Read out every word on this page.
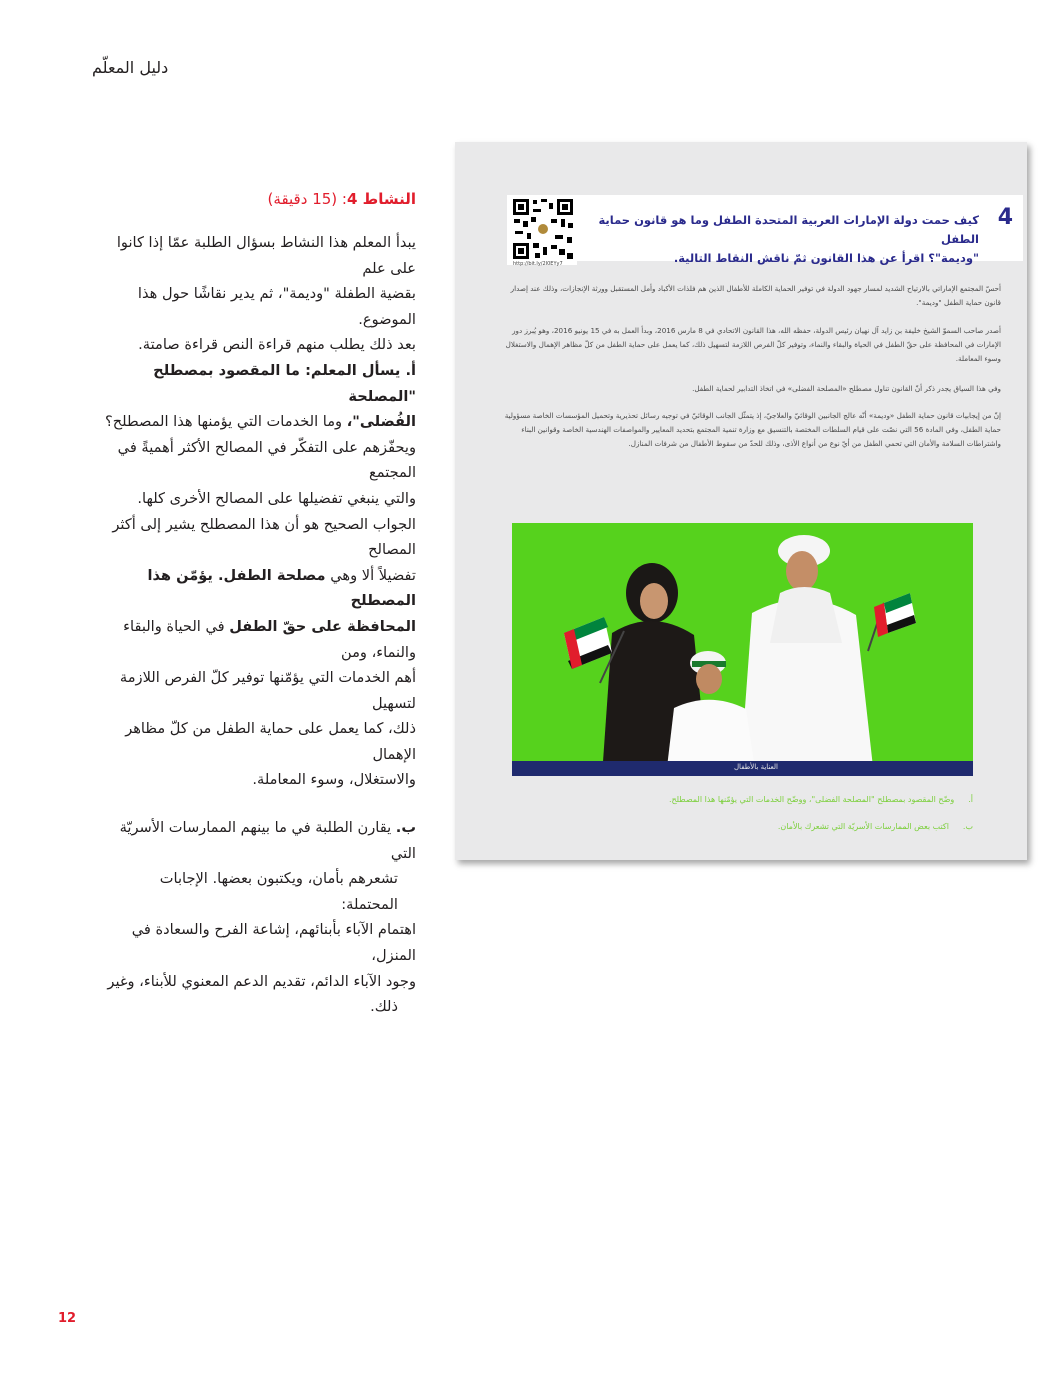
دليل المعلّم
النشاط 4: (15 دقيقة)

يبدأ المعلم هذا النشاط بسؤال الطلبة عمّا إذا كانوا على علم

بقضية الطفلة "وديمة"، ثم يدير نقاشًا حول هذا الموضوع.

بعد ذلك يطلب منهم قراءة النص قراءة صامتة.

أ. يسأل المعلم: ما المقصود بمصطلح "المصلحة

الفُضلى"، وما الخدمات التي يؤمنها هذا المصطلح؟

ويحفّزهم على التفكّر في المصالح الأكثر أهميةً في المجتمع

والتي ينبغي تفضيلها على المصالح الأخرى كلها.

الجواب الصحيح هو أن هذا المصطلح يشير إلى أكثر المصالح

تفضيلاً ألا وهي مصلحة الطفل. يؤمّن هذا المصطلح

المحافظة على حقّ الطفل في الحياة والبقاء والنماء، ومن

أهم الخدمات التي يؤمّنها توفير كلّ الفرص اللازمة لتسهيل

ذلك، كما يعمل على حماية الطفل من كلّ مظاهر الإهمال

والاستغلال، وسوء المعاملة.

ب. يقارن الطلبة في ما بينهم الممارسات الأسريّة التي

تشعرهم بأمان، ويكتبون بعضها. الإجابات المحتملة:

اهتمام الآباء بأبنائهم، إشاعة الفرح والسعادة في المنزل،

وجود الآباء الدائم، تقديم الدعم المعنوي للأبناء، وغير

ذلك.

12
4
كيف حمت دولة الإمارات العربية المتحدة الطفل وما هو قانون حماية الطفل
"وديمة"؟ اقرأ عن هذا القانون ثمّ ناقش النقاط التالية.
http://bit.ly/2I0EYy7
أحسّ المجتمع الإماراتي بالارتياح الشديد لمسار جهود الدولة في توفير الحماية الكاملة للأطفال الذين هم فلذات الأكباد وأمل المستقبل وورثة الإنجازات، وذلك عند إصدار قانون حماية الطفل "وديمة".
أصدر صاحب السموّ الشيخ خليفة بن زايد آل نهيان رئيس الدولة، حفظه الله، هذا القانون الاتحادي في 8 مارس 2016، وبدأ العمل به في 15 يونيو 2016، وهو يُبرز دور الإمارات في المحافظة على حقّ الطفل في الحياة والبقاء والنماء، وتوفير كلّ الفرص اللازمة لتسهيل ذلك، كما يعمل على حماية الطفل من كلّ مظاهر الإهمال والاستغلال وسوء المعاملة.
وفي هذا السياق يجدر ذكر أنّ القانون تناول مصطلح «المصلحة الفضلى» في اتخاذ التدابير لحماية الطفل.
إنّ من إيجابيات قانون حماية الطفل «وديمة» أنّه عالج الجانبين الوقائيّ والعلاجيّ، إذ يتمثّل الجانب الوقائيّ في توجيه رسائل تحذيرية وتحميل المؤسسات الخاصة مسؤولية حماية الطفل، وفي المادة 56 التي نصّت على قيام السلطات المختصة بالتنسيق مع وزارة تنمية المجتمع بتحديد المعايير والمواصفات الهندسية الخاصة وقوانين البناء واشتراطات السلامة والأمان التي تحمي الطفل من أيّ نوع من أنواع الأذى، وذلك للحدّ من سقوط الأطفال من شرفات المنازل.
العناية بالأطفال
أ.وضّح المقصود بمصطلح "المصلحة الفضلى"، ووضّح الخدمات التي يؤمّنها هذا المصطلح.
ب.اكتب بعض الممارسات الأسريّة التي تشعرك بالأمان.
